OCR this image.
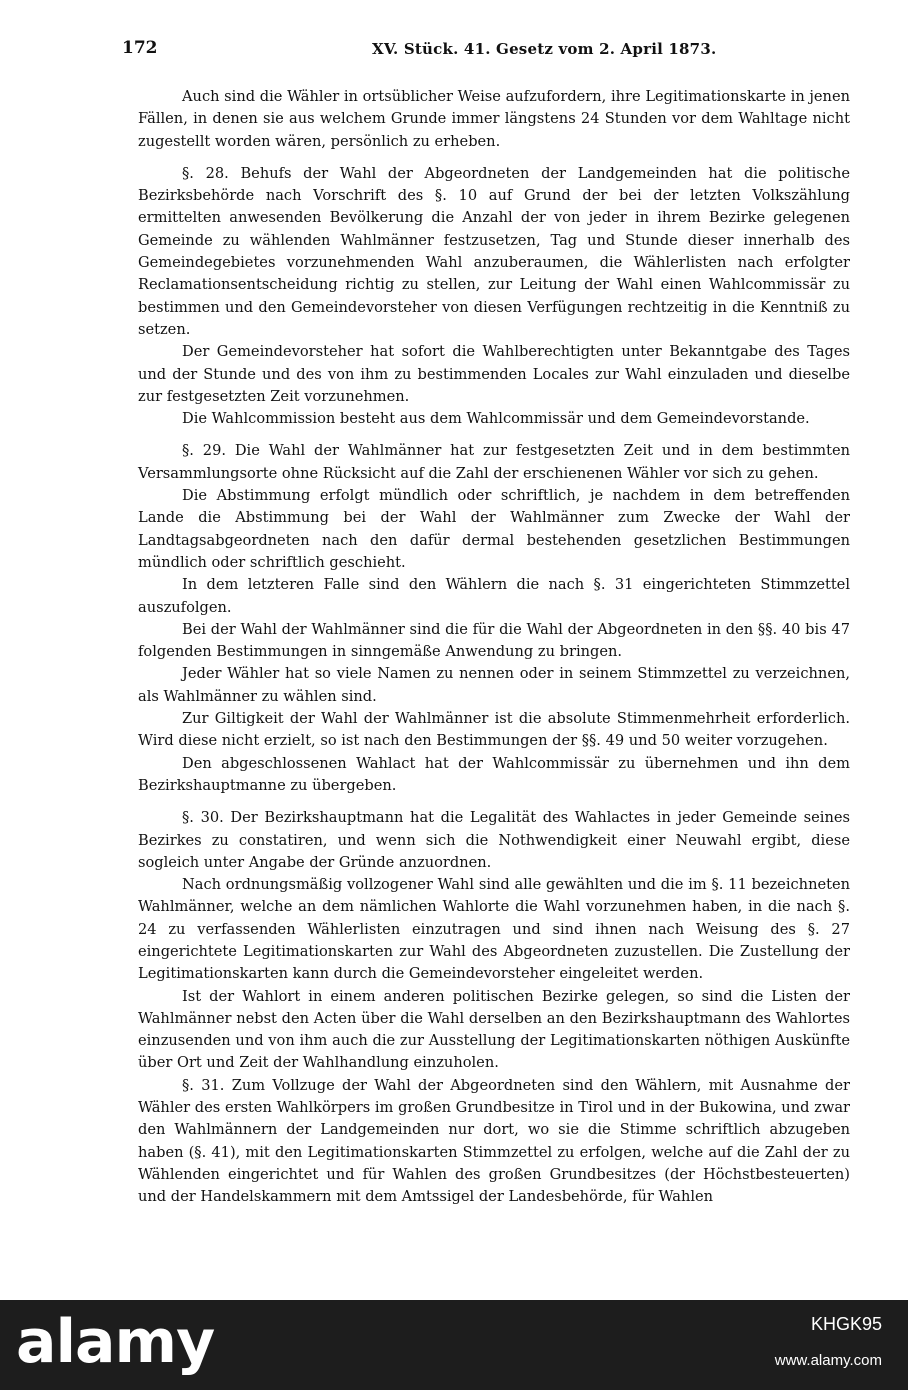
172	XV. Stück. 41. Gesetz vom 2. April 1873.

Auch sind die Wähler in ortsüblicher Weise aufzufordern, ihre Legitimationskarte in jenen Fällen, in denen sie aus welchem Grunde immer längstens 24 Stunden vor dem Wahltage nicht zugestellt worden wären, persönlich zu erheben.

§. 28. Behufs der Wahl der Abgeordneten der Landgemeinden hat die politische Bezirksbehörde nach Vorschrift des §. 10 auf Grund der bei der letzten Volkszählung ermittelten anwesenden Bevölkerung die Anzahl der von jeder in ihrem Bezirke gelegenen Gemeinde zu wählenden Wahlmänner festzusetzen, Tag und Stunde dieser innerhalb des Gemeindegebietes vorzunehmenden Wahl anzuberaumen, die Wählerlisten nach erfolgter Reclamationsentscheidung richtig zu stellen, zur Leitung der Wahl einen Wahlcommissär zu bestimmen und den Gemeindevorsteher von diesen Verfügungen rechtzeitig in die Kenntniß zu setzen.

Der Gemeindevorsteher hat sofort die Wahlberechtigten unter Bekanntgabe des Tages und der Stunde und des von ihm zu bestimmenden Locales zur Wahl einzuladen und dieselbe zur festgesetzten Zeit vorzunehmen.

Die Wahlcommission besteht aus dem Wahlcommissär und dem Gemeindevorstande.

§. 29. Die Wahl der Wahlmänner hat zur festgesetzten Zeit und in dem bestimmten Versammlungsorte ohne Rücksicht auf die Zahl der erschienenen Wähler vor sich zu gehen.

Die Abstimmung erfolgt mündlich oder schriftlich, je nachdem in dem betreffenden Lande die Abstimmung bei der Wahl der Wahlmänner zum Zwecke der Wahl der Landtagsabgeordneten nach den dafür dermal bestehenden gesetzlichen Bestimmungen mündlich oder schriftlich geschieht.

In dem letzteren Falle sind den Wählern die nach §. 31 eingerichteten Stimmzettel auszufolgen.

Bei der Wahl der Wahlmänner sind die für die Wahl der Abgeordneten in den §§. 40 bis 47 folgenden Bestimmungen in sinngemäße Anwendung zu bringen.

Jeder Wähler hat so viele Namen zu nennen oder in seinem Stimmzettel zu verzeichnen, als Wahlmänner zu wählen sind.

Zur Giltigkeit der Wahl der Wahlmänner ist die absolute Stimmenmehrheit erforderlich. Wird diese nicht erzielt, so ist nach den Bestimmungen der §§. 49 und 50 weiter vorzugehen.

Den abgeschlossenen Wahlact hat der Wahlcommissär zu übernehmen und ihn dem Bezirkshauptmanne zu übergeben.

§. 30. Der Bezirkshauptmann hat die Legalität des Wahlactes in jeder Gemeinde seines Bezirkes zu constatiren, und wenn sich die Nothwendigkeit einer Neuwahl ergibt, diese sogleich unter Angabe der Gründe anzuordnen.

Nach ordnungsmäßig vollzogener Wahl sind alle gewählten und die im §. 11 bezeichneten Wahlmänner, welche an dem nämlichen Wahlorte die Wahl vorzunehmen haben, in die nach §. 24 zu verfassenden Wählerlisten einzutragen und sind ihnen nach Weisung des §. 27 eingerichtete Legitimationskarten zur Wahl des Abgeordneten zuzustellen. Die Zustellung der Legitimationskarten kann durch die Gemeindevorsteher eingeleitet werden.

Ist der Wahlort in einem anderen politischen Bezirke gelegen, so sind die Listen der Wahlmänner nebst den Acten über die Wahl derselben an den Bezirkshauptmann des Wahlortes einzusenden und von ihm auch die zur Ausstellung der Legitimationskarten nöthigen Auskünfte über Ort und Zeit der Wahlhandlung einzuholen.

§. 31. Zum Vollzuge der Wahl der Abgeordneten sind den Wählern, mit Ausnahme der Wähler des ersten Wahlkörpers im großen Grundbesitze in Tirol und in der Bukowina, und zwar den Wahlmännern der Landgemeinden nur dort, wo sie die Stimme schriftlich abzugeben haben (§. 41), mit den Legitimationskarten Stimmzettel zu erfolgen, welche auf die Zahl der zu Wählenden eingerichtet und für Wahlen des großen Grundbesitzes (der Höchstbesteuerten) und der Handelskammern mit dem Amtssigel der Landesbehörde, für Wahlen

alamy	KHGK95
www.alamy.com
